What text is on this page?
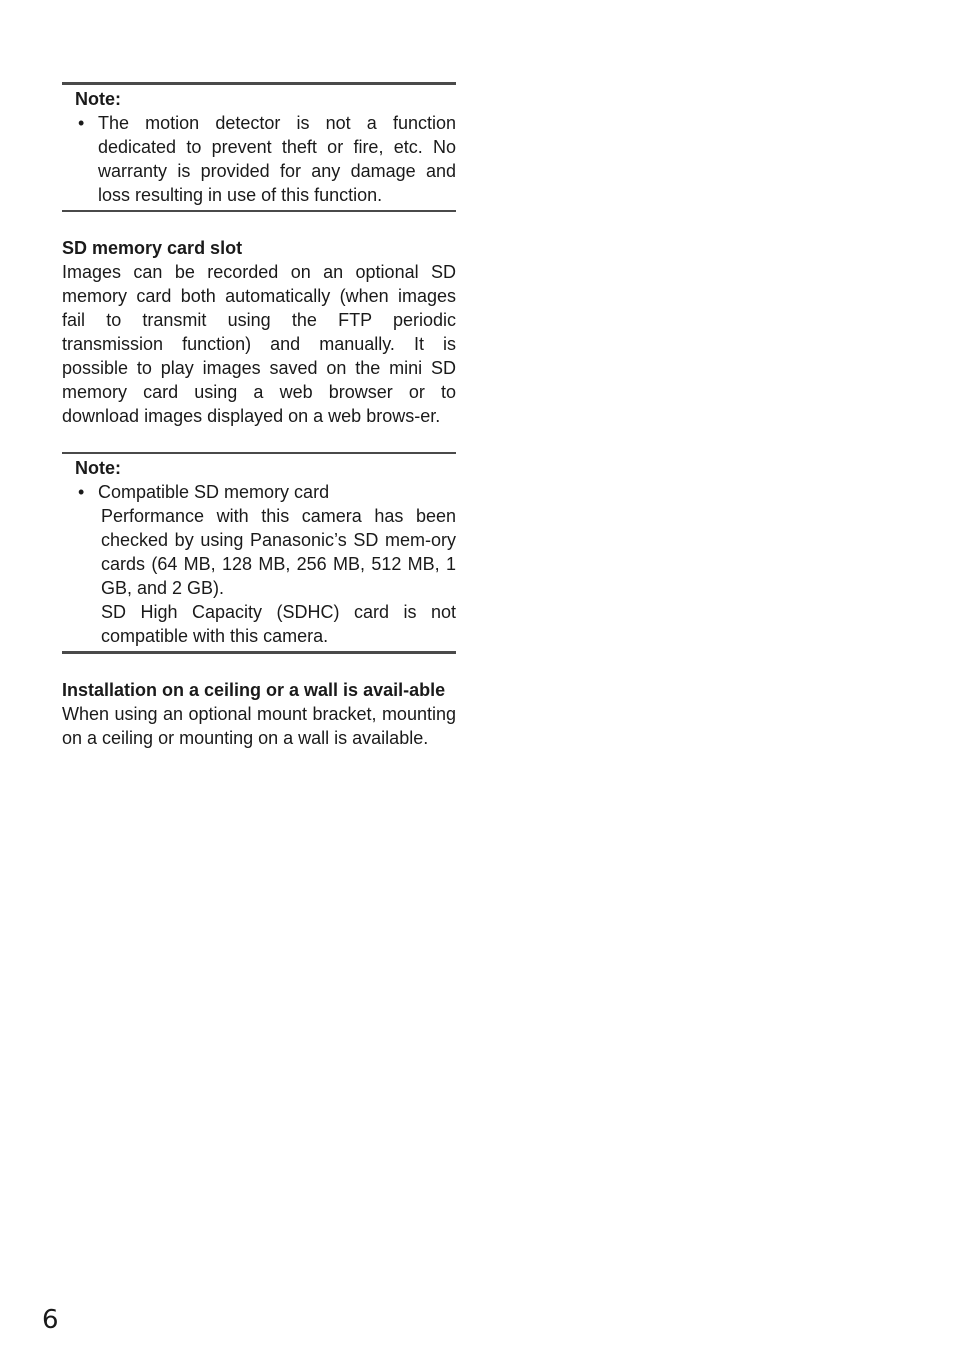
Note:
• The motion detector is not a function dedicated to prevent theft or fire, etc. No warranty is provided for any damage and loss resulting in use of this function.
SD memory card slot
Images can be recorded on an optional SD memory card both automatically (when images fail to transmit using the FTP periodic transmission function) and manually. It is possible to play images saved on the mini SD memory card using a web browser or to download images displayed on a web brows-er.
Note:
• Compatible SD memory card
Performance with this camera has been checked by using Panasonic’s SD mem-ory cards (64 MB, 128 MB, 256 MB, 512 MB, 1 GB, and 2 GB).
SD High Capacity (SDHC) card is not compatible with this camera.
Installation on a ceiling or a wall is avail-able
When using an optional mount bracket, mounting on a ceiling or mounting on a wall is available.
6
